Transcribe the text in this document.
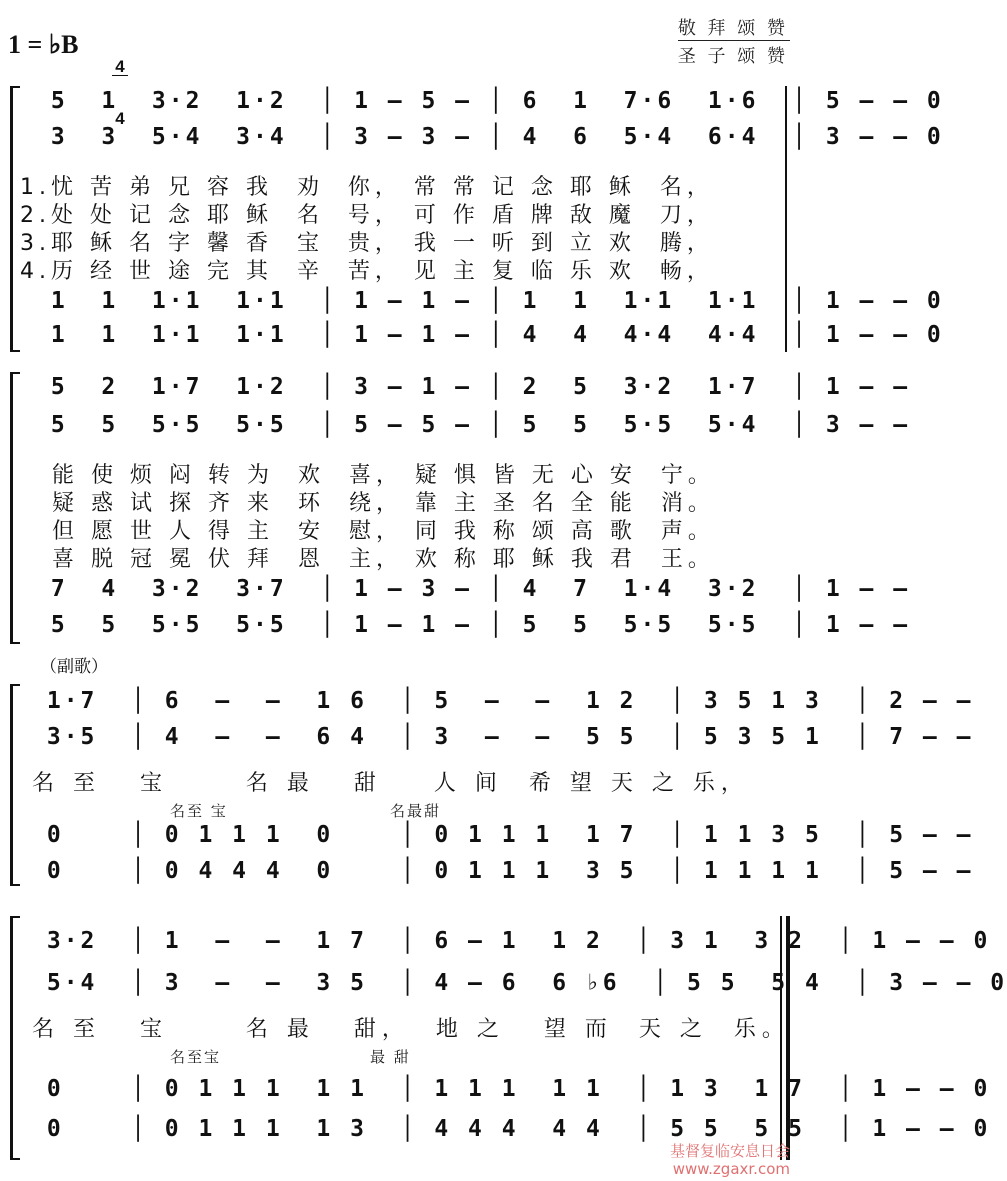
1 = ♭B

$\frac{4}{4}$

	敬 拜 颂 赞
圣 子 颂 赞
5  1  3·2  1·2  │ 1 – 5 – │ 6  1  7·6  1·6  │ 5 – – 0
3  3  5·4  3·4  │ 3 – 3 – │ 4  6  5·4  6·4  │ 3 – – 0
1.忧 苦 弟 兄 容 我  劝  你， 常 常 记 念 耶 稣  名，
2.处 处 记 念 耶 稣  名  号， 可 作 盾 牌 敌 魔  刀，
3.耶 稣 名 字 馨 香  宝  贵， 我 一 听 到 立 欢  腾，
4.历 经 世 途 完 其  辛  苦， 见 主 复 临 乐 欢  畅，
1  1  1·1  1·1  │ 1 – 1 – │ 1  1  1·1  1·1  │ 1 – – 0
1  1  1·1  1·1  │ 1 – 1 – │ 4  4  4·4  4·4  │ 1 – – 0
5  2  1·7  1·2  │ 3 – 1 – │ 2  5  3·2  1·7  │ 1 – –
5  5  5·5  5·5  │ 5 – 5 – │ 5  5  5·5  5·4  │ 3 – –
能 使 烦 闷 转 为  欢  喜， 疑 惧 皆 无 心 安  宁。
疑 惑 试 探 齐 来  环  绕， 靠 主 圣 名 全 能  消。
但 愿 世 人 得 主  安  慰， 同 我 称 颂 高 歌  声。
喜 脱 冠 冕 伏 拜  恩  主， 欢 称 耶 稣 我 君  王。
7  4  3·2  3·7  │ 1 – 3 – │ 4  7  1·4  3·2  │ 1 – –
5  5  5·5  5·5  │ 1 – 1 – │ 5  5  5·5  5·5  │ 1 – –
（副歌）
1·7  │ 6  –  –  1 6  │ 5  –  –  1 2  │ 3 5 1 3  │ 2 – –
3·5  │ 4  –  –  6 4  │ 3  –  –  5 5  │ 5 3 5 1  │ 7 – –
名 至   宝      名 最   甜    人 间  希 望 天 之 乐，
名至 宝	名最甜
0    │ 0 1 1 1  0    │ 0 1 1 1  1 7  │ 1 1 3 5  │ 5 – –
0    │ 0 4 4 4  0    │ 0 1 1 1  3 5  │ 1 1 1 1  │ 5 – –
3·2  │ 1  –  –  1 7  │ 6 – 1  1 2  │ 3 1  3 2  │ 1 – – 0
5·4  │ 3  –  –  3 5  │ 4 – 6  6 ♭6  │ 5 5  5 4  │ 3 – – 0
名 至   宝      名 最   甜，  地 之   望 而  天 之  乐。
名至宝	最 甜
0    │ 0 1 1 1  1 1  │ 1 1 1  1 1  │ 1 3  1 7  │ 1 – – 0
0    │ 0 1 1 1  1 3  │ 4 4 4  4 4  │ 5 5  5 5  │ 1 – – 0
基督复临安息日会
www.zgaxr.com
